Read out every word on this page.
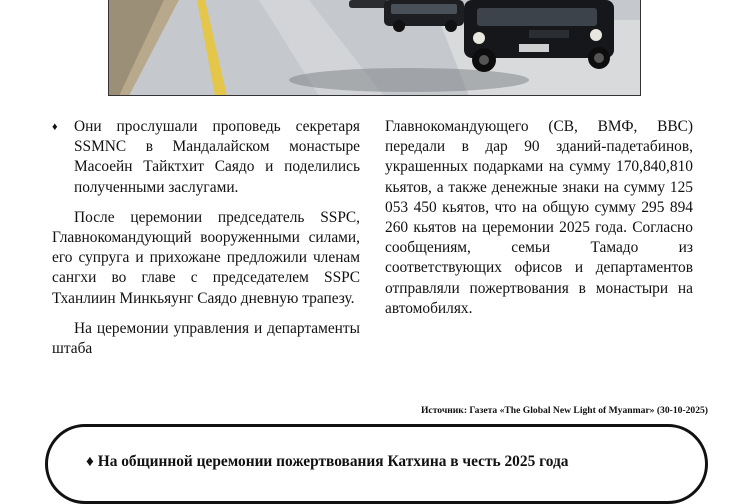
♦ Они прослушали проповедь секретаря SSMNC в Мандалайском монастыре Масоейн Тайктхит Саядо и поделились полученными заслугами.

После церемонии председатель SSPC, Главнокомандующий вооруженными силами, его супруга и прихожане предложили членам сангхи во главе с председателем SSPC Тханлиин Минкьяунг Саядо дневную трапезу.

На церемонии управления и департаменты штаба

Главнокомандующего (СВ, ВМФ, ВВС) передали в дар 90 зданий-падетабинов, украшенных подарками на сумму 170,840,810 кьятов, а также денежные знаки на сумму 125 053 450 кьятов, что на общую сумму 295 894 260 кьятов на церемонии 2025 года. Согласно сообщениям, семьи Тамадо из соответствующих офисов и департаментов отправляли пожертвования в монастыри на автомобилях.

Источник: Газета «The Global New Light of Myanmar» (30-10-2025)
♦ На общинной церемонии пожертвования Катхина в честь 2025 года
